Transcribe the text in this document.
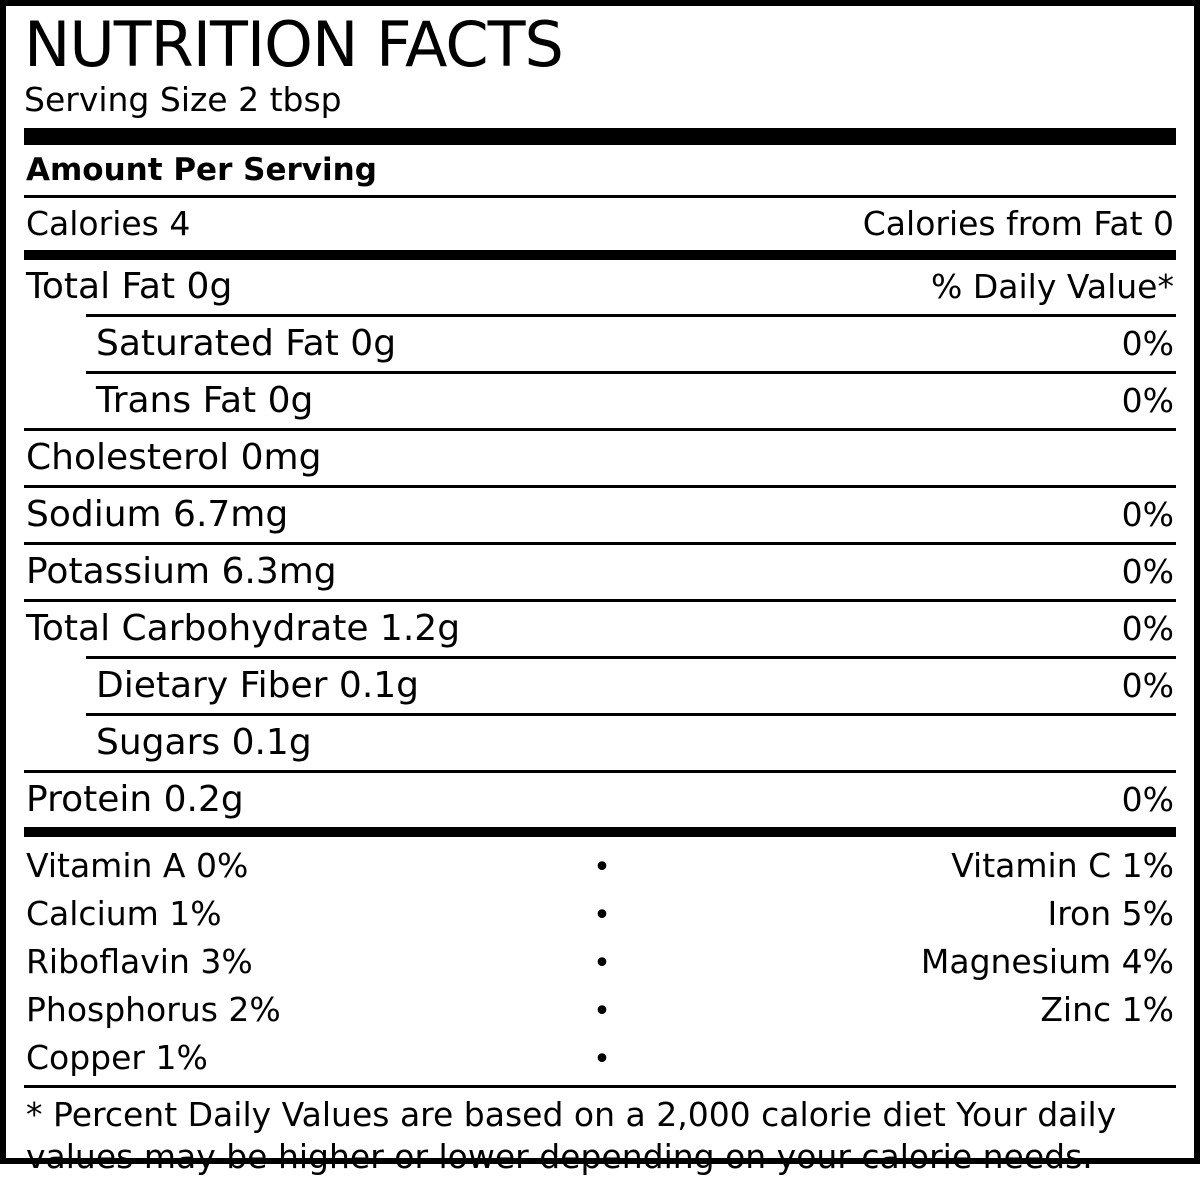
NUTRITION FACTS
Serving Size 2 tbsp
Amount Per Serving
Calories 4	Calories from Fat 0
Total Fat 0g	% Daily Value*
Saturated Fat 0g	0%
Trans Fat 0g	0%
Cholesterol 0mg
Sodium 6.7mg	0%
Potassium 6.3mg	0%
Total Carbohydrate 1.2g	0%
Dietary Fiber 0.1g	0%
Sugars 0.1g
Protein 0.2g	0%
Vitamin A 0%	•	Vitamin C 1%
Calcium 1%	•	Iron 5%
Riboflavin 3%	•	Magnesium 4%
Phosphorus 2%	•	Zinc 1%
Copper 1%	•
* Percent Daily Values are based on a 2,000 calorie diet Your daily values may be higher or lower depending on your calorie needs.
